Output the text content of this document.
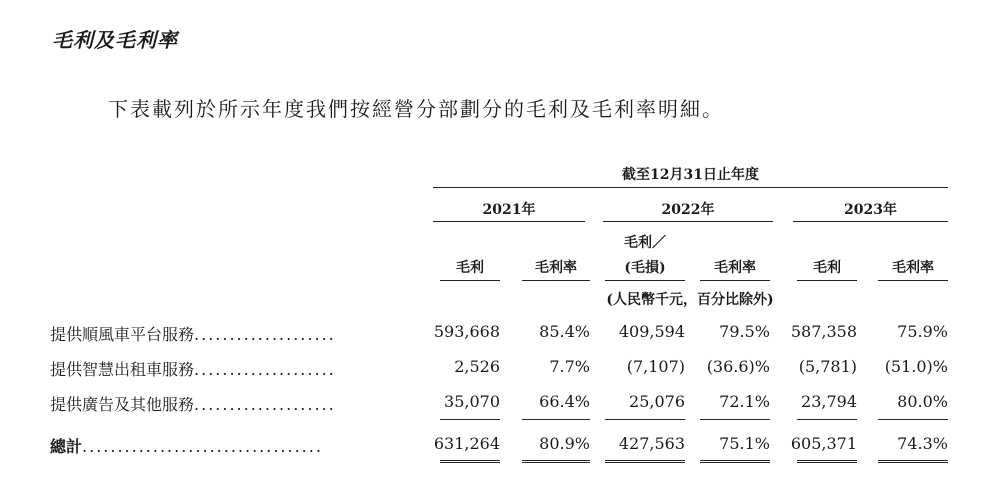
毛利及毛利率
下表載列於所示年度我們按經營分部劃分的毛利及毛利率明細。
截至12月31日止年度
2021年	2022年	2023年
毛利	毛利率
毛利／
(毛損)	毛利率	毛利	毛利率
(人民幣千元，百分比除外)
提供順風車平台服務....................	593,668	85.4%	409,594	79.5%	587,358	75.9%
提供智慧出租車服務....................	2,526	7.7%	(7,107)	(36.6)%	(5,781)	(51.0)%
提供廣告及其他服務....................	35,070	66.4%	25,076	72.1%	23,794	80.0%
總計..................................	631,264	80.9%	427,563	75.1%	605,371	74.3%
